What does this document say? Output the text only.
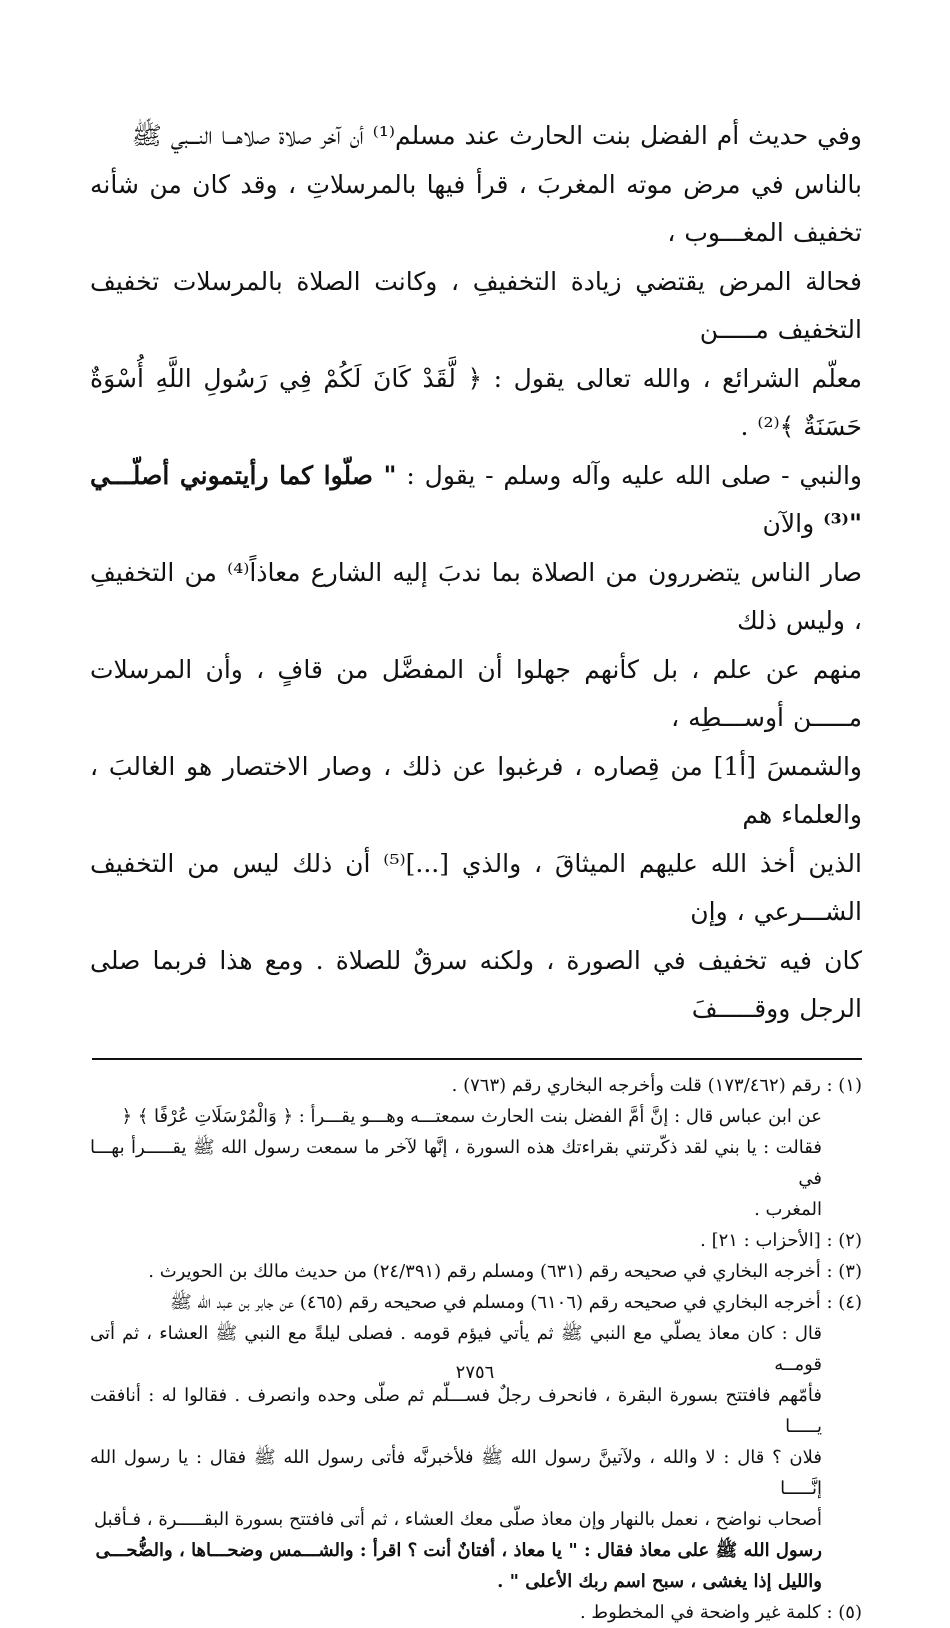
وفي حديث أم الفضل بنت الحارث عند مسلم⁽¹⁾ أن آخر صلاة صلاهـــا النـــبي ﷺ

بالناس في مرض موته المغربَ ، قرأ فيها بالمرسلاتِ ، وقد كان من شأنه تخفيف المغـــوب ،

فحالة المرض يقتضي زيادة التخفيفِ ، وكانت الصلاة بالمرسلات تخفيف التخفيف مـــــن

معلّم الشرائع ، والله تعالى يقول : ﴿ لَّقَدْ كَانَ لَكُمْ فِي رَسُولِ اللَّهِ أُسْوَةٌ حَسَنَةٌ ﴾⁽²⁾ .

والنبي - صلى الله عليه وآله وسلم - يقول : " صلّوا كما رأيتموني أصلّـــي "⁽³⁾ والآن

صار الناس يتضررون من الصلاة بما ندبَ إليه الشارع معاذاً⁽⁴⁾ من التخفيفِ ، وليس ذلك

منهم عن علم ، بل كأنهم جهلوا أن المفضَّل من قافٍ ، وأن المرسلات مـــــن أوســـطِه ،

والشمسَ [أ1] من قِصاره ، فرغبوا عن ذلك ، وصار الاختصار هو الغالبَ ، والعلماء هم

الذين أخذ الله عليهم الميثاقَ ، والذي [...]⁽⁵⁾ أن ذلك ليس من التخفيف الشـــرعي ، وإن

كان فيه تخفيف في الصورة ، ولكنه سرقٌ للصلاة . ومع هذا فربما صلى الرجل ووقـــــفَ

(١) : رقم (١٧٣/٤٦٢) قلت وأخرجه البخاري رقم (٧٦٣) .

عن ابن عباس قال : إنَّ أمَّ الفضل بنت الحارث سمعتـــه وهـــو يقـــرأ : ﴿ وَالْمُرْسَلَاتِ عُرْفًا ﴾ ﴿

فقالت : يا بني لقد ذكّرتني بقراءتك هذه السورة ، إنَّها لآخر ما سمعت رسول الله ﷺ يقـــــرأ بهـــا في

المغرب .

(٢) : [الأحزاب : ٢١] .

(٣) : أخرجه البخاري في صحيحه رقم (٦٣١) ومسلم رقم (٢٤/٣٩١) من حديث مالك بن الحويرث .

(٤) : أخرجه البخاري في صحيحه رقم (٦١٠٦) ومسلم في صحيحه رقم (٤٦٥) عن جابر بن عبد الله ﷺ

قال : كان معاذ يصلّي مع النبي ﷺ ثم يأتي فيؤم قومه . فصلى ليلةً مع النبي ﷺ العشاء ، ثم أتى قومــه

فأمّهم فافتتح بسورة البقرة ، فانحرف رجلٌ فســـلّم ثم صلّى وحده وانصرف . فقالوا له : أنافقت يـــــا

فلان ؟ قال : لا والله ، ولآتينَّ رسول الله ﷺ فلأخبرنَّه فأتى رسول الله ﷺ فقال : يا رسول الله إنَّـــــا

أصحاب نواضح ، نعمل بالنهار وإن معاذ صلّى معك العشاء ، ثم أتى فافتتح بسورة البقـــــرة ، فـأقبل

رسول الله ﷺ على معاذ فقال : " يا معاذ ، أفتانٌ أنت ؟ اقرأ : والشـــمس وضحـــاها ، والضُّحـــى

والليل إذا يغشى ، سبح اسم ربك الأعلى " .

(٥) : كلمة غير واضحة في المخطوط .

٢٧٥٦
